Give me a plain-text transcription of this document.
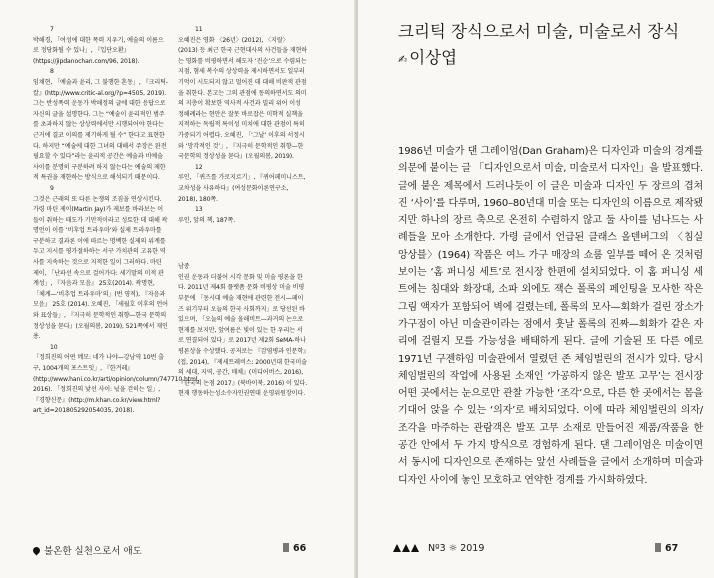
7
박해경, 「여성에 대한 폭력 지우기, 예술의 이름으로 정당화될 수 있나」, 『입단오환』(https://jipdanochan.com/96, 2018).

8
임채현, 「예술과 윤리, 그 불행한 혼동」, 『크리틱-칼』(http://www.critic-al.org/?p=4505, 2019). 그는 반성폭력 운동가 박해정의 글에 대한 응답으로 자신의 글을 설명한다. 그는 “예술이 윤리적인 범주를 초과하지 않는 상상력에서만 시행되어야 한다는 근거에 결코 이의를 제기하게 될 수” 한다고 표현한다. 하지만 “예술에 대한 그녀의 대해서 주장은 완전 필요할 수 있다”라는 윤리적 공간은 예술과 비예술 사이를 분명히 구분하려 하지 않는다는 예술의 제한적 특권을 재한하는 방식으로 해석되기 때문이다.

9
그것은 근래의 또 다른 논쟁의 조짐을 연상시킨다. 가령 마틴 제이(Martin Jay)가 제보를 바라보는 이들이 취하는 태도가 기만적이라고 성토한 데 대해 곽명언이 이를 ‘비후업 트라우마’와 실제 트라우마를 구분하고 결과론 이에 따르는 명백한 실제의 위계를 두고 지시를 평가절하하는 서구 가치관의 고유한 역사를 지속하는 것으로 지적한 일이 그러하다. 마틴 제이, 「난파선 속으로 걸어가다: 세기말의 미적 관계성」, 『자음과 모음』 25호(2014). 곽명현, 「체계―‘비추업 트라우마’의」(번 영적), 『자음과 모음』 25호 (2014). 오혜진, 「세월호 이후의 언어와 표상들」, 『지극히 문학적인 취향―한국 문학의 정상성을 묻다』(오월의봄, 2019), 521쪽에서 재인용.

10
「정희진의 어떤 메모: 네가 나야—강남역 10번 출구, 1004개의 포스트잇」, 『한겨레』(http://www.hani.co.kr/arti/opinion/column/747710.html, 2016). 「정희진의 낯선 사이: 넋을 걷히는 일」, 『경향신문』(http://m.khan.co.kr/view.html?art_id=201805292054035, 2018).

11
오혜진은 영화 〈26년〉(2012), 〈지랄〉(2013) 등 최근 한국 근현대사의 사건들을 재현하는 영화를 비평하면서 해도자 ‘진순’으로 수렴되는 지점, 혐세 복수의 상상력을 제시하면서도 일부러 기억이 시도되지 않고 멀어진 데 대해 비판적 관점을 취한다. 본고는 그의 관점에 동의하면서도 의미의 지층이 확보한 역사적 사건과 밀리 위어 이성 정해례라는 현안은 잘못 바로잡은 미학적 실책을 지적하는 독립적 특이성 미치에 대한 관점이 특히 가중되기 어렵다. 오혜진, 「‘그날’ 이후의 서정시와 ‘망각적인 것’」, 『지극히 문학적인 취향—한국문학의 정상성을 묻다』(오월의봄, 2019).

12
루인, 「퀴즈를 가로지르기」, 『퀴어페미니스트, 교차성을 사유하다』(여성문화이론연구소, 2018), 180쪽.

13
루인, 앞의 책, 187쪽.

남중
인권 운동과 더불어 시각 문화 및 미술 평론을 한다. 2011년 제4회 플랫폼 문화 비평상 미술 비평 부문에 「동시대 예술 재현에 관련한 전시—페이즈 위기부터 오늘의 한국 사회까지」로 당선된 바 있으며, 「오늘의 예술 올해비트—과거의 논으로 현재를 보지만, 앞여름은 빛이 있는 한 우리는 서로 연결되어 있다」로 2017년 제2회 SeMA-하나 평론상을 수상했다. 공저로는 『감염병과 인문학』(접, 2014), 『제세트레비스: 2000년대 한국미술의 세대, 지역, 공간, 매체』(미디어버스, 2016), 『한국의 논점 2017』(북바이북, 2016) 이 있다. 현재 행동하는성소수자인권연대 운영위원장이다.

불온한 실천으로서 애도	66
크리틱 장식으로서 미술, 미술로서 장식
✍ 이상엽

1986년 미술가 댄 그레이엄(Dan Graham)은 디자인과 미술의 경계를 의문에 붙이는 글 「디자인으로서 미술, 미술로서 디자인」을 발표했다. 글에 붙은 제목에서 드러나듯이 이 글은 미술과 디자인 두 장르의 겹쳐진 ‘사이’를 다루며, 1960–80년대 미술 또는 디자인의 이름으로 제작됐지만 하나의 장르 축으로 온전히 수렴하지 않고 둘 사이를 넘나드는 사례들을 모아 소개한다. 가령 글에서 언급된 클래스 올덴버그의 〈침실 앙상블〉(1964) 작품은 여느 가구 매장의 쇼룸 일부를 떼어 온 것처럼 보이는 ‘홈 퍼니싱 세트’로 전시장 한편에 설치되었다. 이 홈 퍼니싱 세트에는 침대와 화장대, 소파 외에도 잭슨 폴록의 페인팅을 모사한 작은 그림 액자가 포함되어 벽에 걸렸는데, 폴록의 모사—회화가 걸린 장소가 가구점이 아닌 미술관이라는 점에서 훗날 폴록의 진짜—회화가 같은 자리에 걸릴지 모를 가능성을 배태하게 된다. 글에 기술된 또 다른 예로 1971년 구젠하임 미술관에서 열렸던 존 체임벌린의 전시가 있다. 당시 체임벌린의 작업에 사용된 소재인 ‘가공하지 않은 발포 고무’는 전시장 어떤 곳에서는 눈으로만 관찰 가능한 ‘조각’으로, 다른 한 곳에서는 몸을 기대어 앉을 수 있는 ‘의자’로 배치되었다. 이에 따라 체임벌린의 의자/조각을 마주하는 관람객은 발포 고무 소재로 만들어진 제품/작품을 한 공간 안에서 두 가지 방식으로 경험하게 된다. 댄 그레이엄은 미술이면서 동시에 디자인으로 존재하는 앞선 사례들을 글에서 소개하며 미술과 디자인 사이에 놓인 모호하고 연약한 경계를 가시화하였다.

Nº3 ☼ 2019	67
